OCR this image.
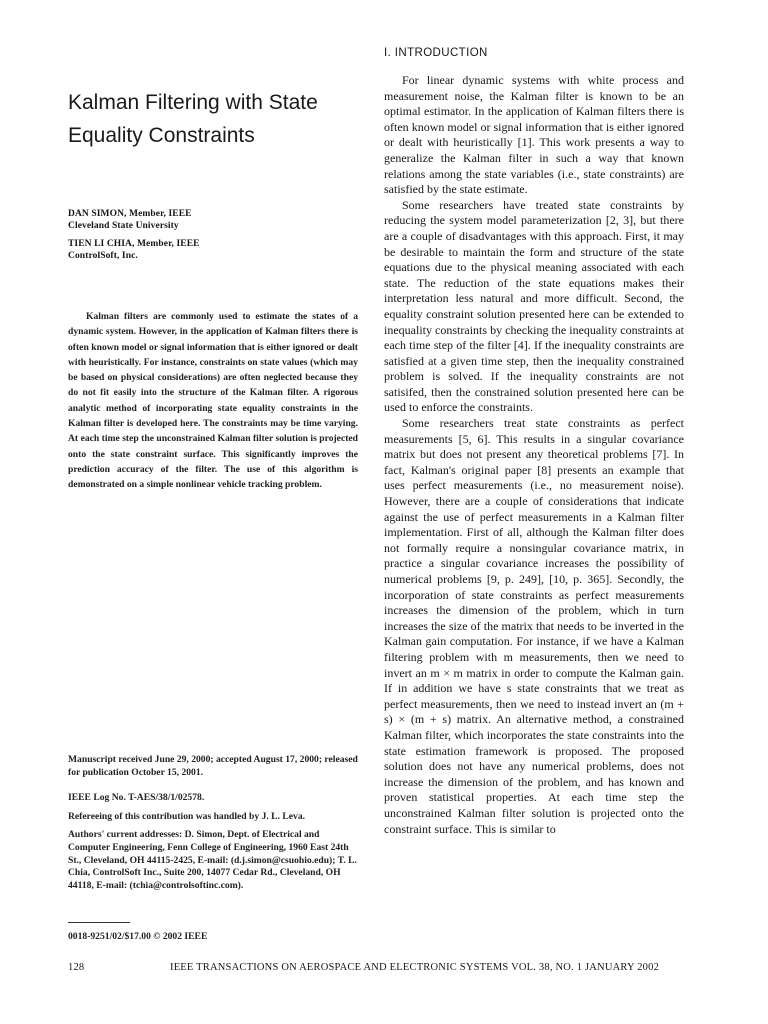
Kalman Filtering with State Equality Constraints
DAN SIMON, Member, IEEE
Cleveland State University
TIEN LI CHIA, Member, IEEE
ControlSoft, Inc.

Kalman filters are commonly used to estimate the states of a dynamic system. However, in the application of Kalman filters there is often known model or signal information that is either ignored or dealt with heuristically. For instance, constraints on state values (which may be based on physical considerations) are often neglected because they do not fit easily into the structure of the Kalman filter. A rigorous analytic method of incorporating state equality constraints in the Kalman filter is developed here. The constraints may be time varying. At each time step the unconstrained Kalman filter solution is projected onto the state constraint surface. This significantly improves the prediction accuracy of the filter. The use of this algorithm is demonstrated on a simple nonlinear vehicle tracking problem.

Manuscript received June 29, 2000; accepted August 17, 2000; released for publication October 15, 2001.

IEEE Log No. T-AES/38/1/02578.

Refereeing of this contribution was handled by J. L. Leva.

Authors' current addresses: D. Simon, Dept. of Electrical and Computer Engineering, Fenn College of Engineering, 1960 East 24th St., Cleveland, OH 44115-2425, E-mail: (d.j.simon@csuohio.edu); T. L. Chia, ControlSoft Inc., Suite 200, 14077 Cedar Rd., Cleveland, OH 44118, E-mail: (tchia@controlsoftinc.com).

0018-9251/02/$17.00 © 2002 IEEE

I. INTRODUCTION

For linear dynamic systems with white process and measurement noise, the Kalman filter is known to be an optimal estimator. In the application of Kalman filters there is often known model or signal information that is either ignored or dealt with heuristically [1]. This work presents a way to generalize the Kalman filter in such a way that known relations among the state variables (i.e., state constraints) are satisfied by the state estimate.

Some researchers have treated state constraints by reducing the system model parameterization [2, 3], but there are a couple of disadvantages with this approach. First, it may be desirable to maintain the form and structure of the state equations due to the physical meaning associated with each state. The reduction of the state equations makes their interpretation less natural and more difficult. Second, the equality constraint solution presented here can be extended to inequality constraints by checking the inequality constraints at each time step of the filter [4]. If the inequality constraints are satisfied at a given time step, then the inequality constrained problem is solved. If the inequality constraints are not satisifed, then the constrained solution presented here can be used to enforce the constraints.

Some researchers treat state constraints as perfect measurements [5, 6]. This results in a singular covariance matrix but does not present any theoretical problems [7]. In fact, Kalman's original paper [8] presents an example that uses perfect measurements (i.e., no measurement noise). However, there are a couple of considerations that indicate against the use of perfect measurements in a Kalman filter implementation. First of all, although the Kalman filter does not formally require a nonsingular covariance matrix, in practice a singular covariance increases the possibility of numerical problems [9, p. 249], [10, p. 365]. Secondly, the incorporation of state constraints as perfect measurements increases the dimension of the problem, which in turn increases the size of the matrix that needs to be inverted in the Kalman gain computation. For instance, if we have a Kalman filtering problem with m measurements, then we need to invert an m × m matrix in order to compute the Kalman gain. If in addition we have s state constraints that we treat as perfect measurements, then we need to instead invert an (m + s) × (m + s) matrix. An alternative method, a constrained Kalman filter, which incorporates the state constraints into the state estimation framework is proposed. The proposed solution does not have any numerical problems, does not increase the dimension of the problem, and has known and proven statistical properties. At each time step the unconstrained Kalman filter solution is projected onto the constraint surface. This is similar to

128	IEEE TRANSACTIONS ON AEROSPACE AND ELECTRONIC SYSTEMS VOL. 38, NO. 1 JANUARY 2002
